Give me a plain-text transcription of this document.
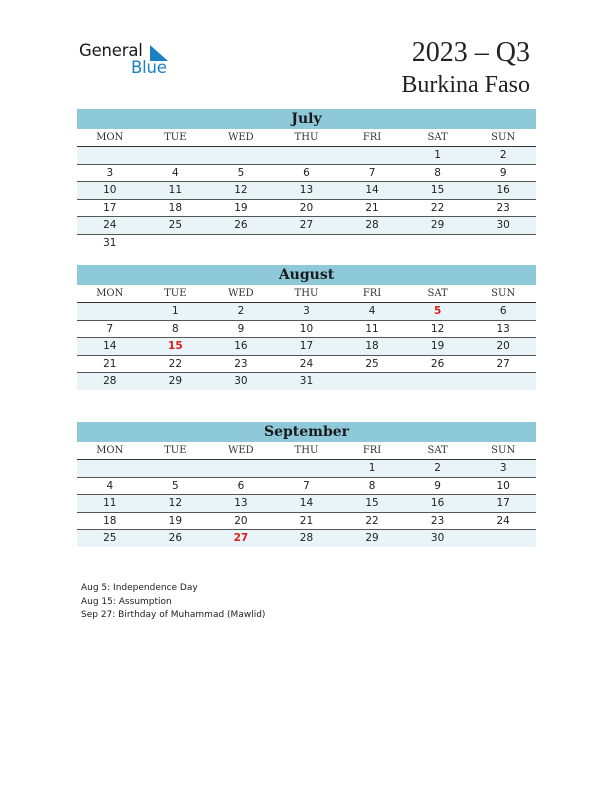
General
Blue	2023 – Q3
Burkina Faso
July
MON	TUE	WED	THU	FRI	SAT	SUN
					1	2
3	4	5	6	7	8	9
10	11	12	13	14	15	16
17	18	19	20	21	22	23
24	25	26	27	28	29	30
31						
August
MON	TUE	WED	THU	FRI	SAT	SUN
	1	2	3	4	5	6
7	8	9	10	11	12	13
14	15	16	17	18	19	20
21	22	23	24	25	26	27
28	29	30	31			
September
MON	TUE	WED	THU	FRI	SAT	SUN
				1	2	3
4	5	6	7	8	9	10
11	12	13	14	15	16	17
18	19	20	21	22	23	24
25	26	27	28	29	30	
Aug 5: Independence Day
Aug 15: Assumption
Sep 27: Birthday of Muhammad (Mawlid)
